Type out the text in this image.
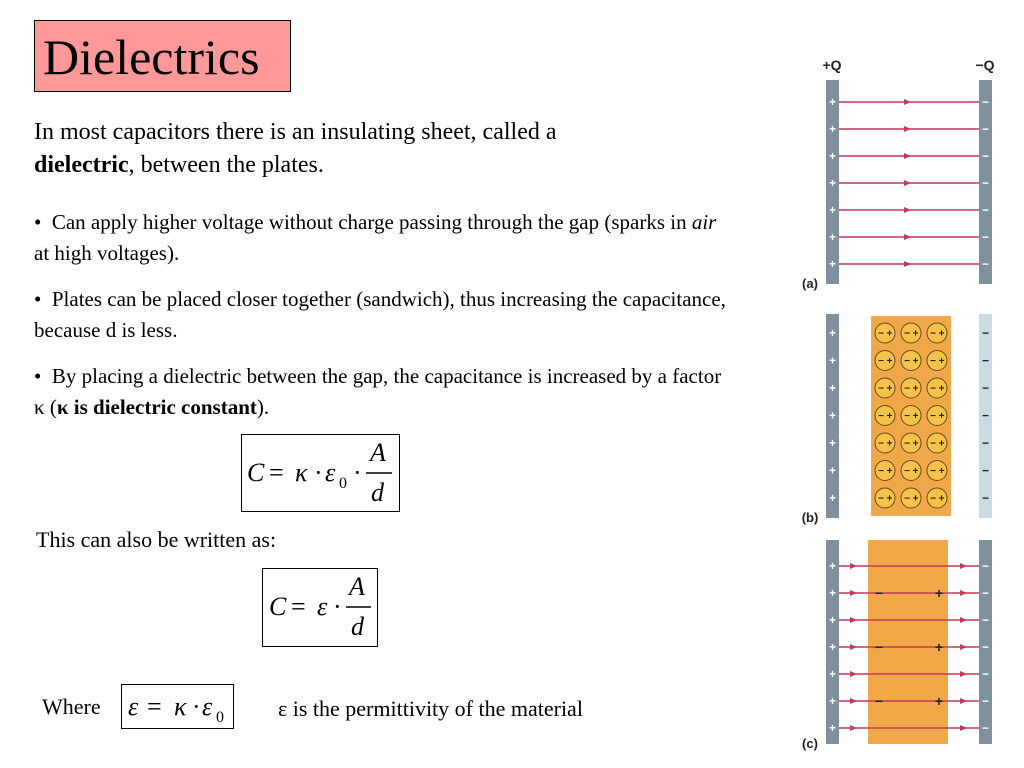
Dielectrics
In most capacitors there is an insulating sheet, called a
dielectric, between the plates.
• Can apply higher voltage without charge passing through the gap (sparks in air at high voltages).
• Plates can be placed closer together (sandwich), thus increasing the capacitance, because d is less.
• By placing a dielectric between the gap, the capacitance is increased by a factor κ (κ is dielectric constant).
C = κ · ε 0 ·
A
d
This can also be written as:
C = ε ·
A
d
Where ε = κ · ε 0 ε is the permittivity of the material
+Q	−Q
+	−
+	−
+	−
+	−
+	−
+	−
+	−
(a)
+	−
− + − + − +
+	−
− + − + − +
+	−
− + − + − +
+	−
− + − + − +
+	−
− + − + − +
+	−
− + − + − +
+	−
− + − + − +
(b)
+	−
+	−
+	−
+	−
+	−
+	−
+	−
−	+
−	+
−	+
(c)
